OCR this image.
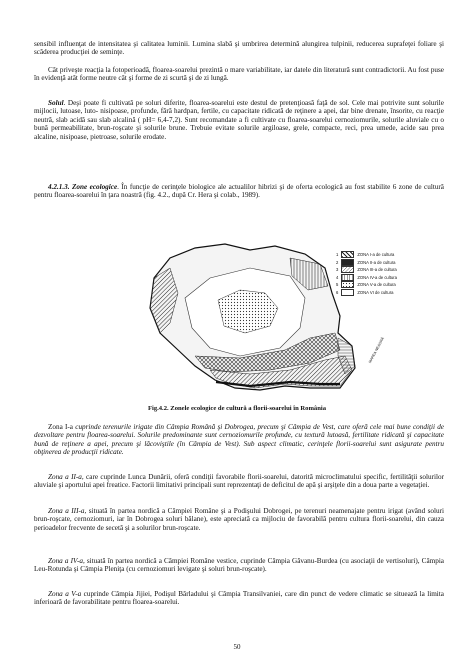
sensibil influenţat de intensitatea şi calitatea luminii. Lumina slabă şi umbrirea determină alungirea tulpinii, reducerea suprafeţei foliare şi scăderea producţiei de seminţe.

Cât priveşte reacţia la fotoperioadă, floarea-soarelui prezintă o mare variabilitate, iar datele din literatură sunt contradictorii. Au fost puse în evidenţă atât forme neutre cât şi forme de zi scurtă şi de zi lungă.

Solul. Deşi poate fi cultivată pe soluri diferite, floarea-soarelui este destul de pretenţioasă faţă de sol. Cele mai potrivite sunt solurile mijlocii, lutoase, luto- nisipoase, profunde, fără hardpan, fertile, cu capacitate ridicată de reţinere a apei, dar bine drenate, însorite, cu reacţie neutră, slab acidă sau slab alcalină ( pH= 6,4-7,2). Sunt recomandate a fi cultivate cu floarea-soarelui cernoziomurile, solurile aluviale cu o bună permeabilitate, brun-roşcate şi solurile brune. Trebuie evitate solurile argiloase, grele, compacte, reci, prea umede, acide sau prea alcaline, nisipoase, pietroase, solurile erodate.

4.2.1.3. Zone ecologice. În funcţie de cerinţele biologice ale actualilor hibrizi şi de oferta ecologică au fost stabilite 6 zone de cultură pentru floarea-soarelui în ţara noastră (fig. 4.2., după Cr. Hera şi colab., 1989).

1	ZONA I-a de cultura
2	ZONA II-a de cultura
3	ZONA III-a de cultura
4	ZONA IV-a de cultura
5	ZONA V-a de cultura
6	ZONA VI de cultura
MAREA NEAGRĂ
Fig.4.2. Zonele ecologice de cultură a florii-soarelui în România

Zona I-a cuprinde terenurile irigate din Câmpia Română şi Dobrogea, precum şi Câmpia de Vest, care oferă cele mai bune condiţii de dezvoltare pentru floarea-soarelui. Solurile predominante sunt cernoziomurile profunde, cu textură lutoasă, fertilitate ridicată şi capacitate bună de reţinere a apei, precum şi lăcoviştile (în Câmpia de Vest). Sub aspect climatic, cerinţele florii-soarelui sunt asigurate pentru obţinerea de producţii ridicate.

Zona a II-a, care cuprinde Lunca Dunării, oferă condiţii favorabile florii-soarelui, datorită microclimatului specific, fertilităţii solurilor aluviale şi aportului apei freatice. Factorii limitativi principali sunt reprezentaţi de deficitul de apă şi arşiţele din a doua parte a vegetaţiei.

Zona a III-a, situată în partea nordică a Câmpiei Române şi a Podişului Dobrogei, pe terenuri neamenajate pentru irigat (având soluri brun-roşcate, cernoziomuri, iar în Dobrogea soluri bălane), este apreciată ca mijlociu de favorabilă pentru cultura florii-soarelui, din cauza perioadelor frecvente de secetă şi a solurilor brun-roşcate.

Zona a IV-a, situată în partea nordică a Câmpiei Române vestice, cuprinde Câmpia Găvanu-Burdea (cu asociaţii de vertisoluri), Câmpia Leu-Rotunda şi Câmpia Pleniţa (cu cernoziomuri levigate şi soluri brun-roşcate).

Zona a V-a cuprinde Câmpia Jijiei, Podişul Bârladului şi Câmpia Transilvaniei, care din punct de vedere climatic se situează la limita inferioară de favorabilitate pentru floarea-soarelui.

50
